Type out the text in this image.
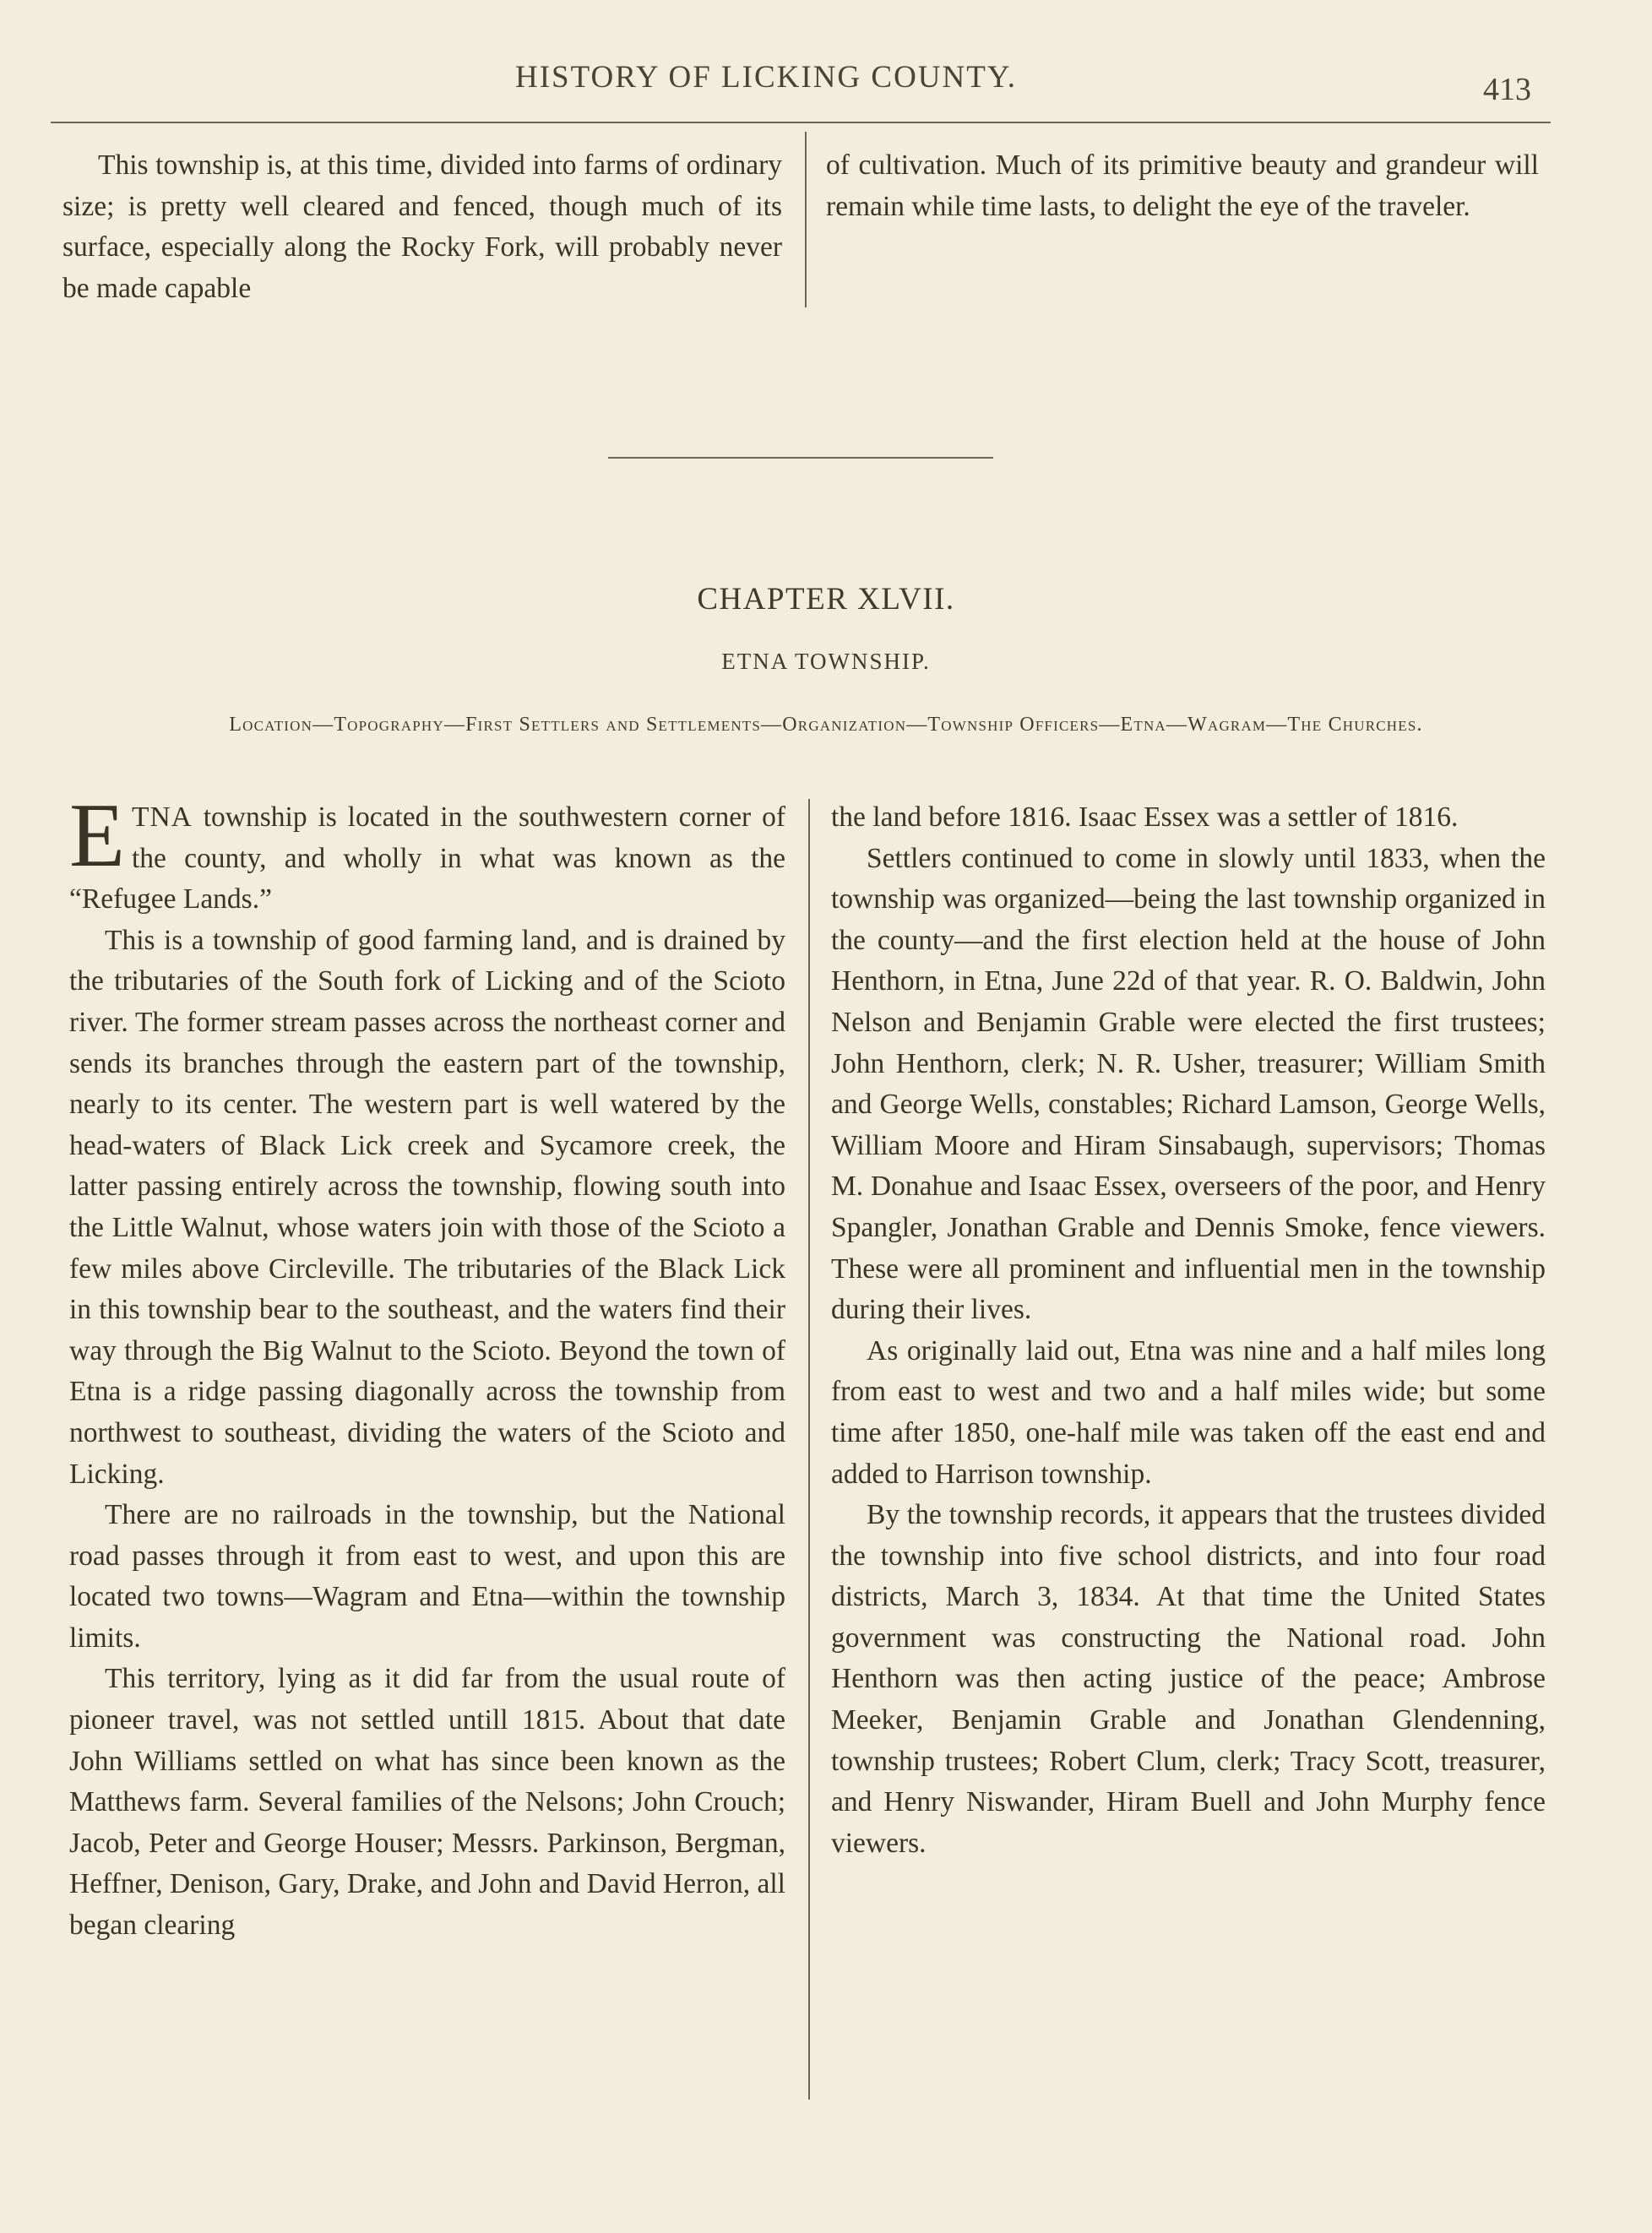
HISTORY OF LICKING COUNTY.	413

This township is, at this time, divided into farms of ordinary size; is pretty well cleared and fenced, though much of its surface, especially along the Rocky Fork, will probably never be made capable

of cultivation. Much of its primitive beauty and grandeur will remain while time lasts, to delight the eye of the traveler.

CHAPTER XLVII.
ETNA TOWNSHIP.
Location—Topography—First Settlers and Settlements—Organization—Township Officers—Etna—Wagram—The Churches.

ETNA township is located in the southwestern corner of the county, and wholly in what was known as the “Refugee Lands.”

This is a township of good farming land, and is drained by the tributaries of the South fork of Licking and of the Scioto river. The former stream passes across the northeast corner and sends its branches through the eastern part of the township, nearly to its center. The western part is well watered by the head-waters of Black Lick creek and Sycamore creek, the latter passing entirely across the township, flowing south into the Little Walnut, whose waters join with those of the Scioto a few miles above Circleville. The tributaries of the Black Lick in this township bear to the southeast, and the waters find their way through the Big Walnut to the Scioto. Beyond the town of Etna is a ridge passing diagonally across the township from northwest to southeast, dividing the waters of the Scioto and Licking.

There are no railroads in the township, but the National road passes through it from east to west, and upon this are located two towns—Wagram and Etna—within the township limits.

This territory, lying as it did far from the usual route of pioneer travel, was not settled untill 1815. About that date John Williams settled on what has since been known as the Matthews farm. Several families of the Nelsons; John Crouch; Jacob, Peter and George Houser; Messrs. Parkinson, Bergman, Heffner, Denison, Gary, Drake, and John and David Herron, all began clearing

the land before 1816. Isaac Essex was a settler of 1816.

Settlers continued to come in slowly until 1833, when the township was organized—being the last township organized in the county—and the first election held at the house of John Henthorn, in Etna, June 22d of that year. R. O. Baldwin, John Nelson and Benjamin Grable were elected the first trustees; John Henthorn, clerk; N. R. Usher, treasurer; William Smith and George Wells, constables; Richard Lamson, George Wells, William Moore and Hiram Sinsabaugh, supervisors; Thomas M. Donahue and Isaac Essex, overseers of the poor, and Henry Spangler, Jonathan Grable and Dennis Smoke, fence viewers. These were all prominent and influential men in the township during their lives.

As originally laid out, Etna was nine and a half miles long from east to west and two and a half miles wide; but some time after 1850, one-half mile was taken off the east end and added to Harrison township.

By the township records, it appears that the trustees divided the township into five school districts, and into four road districts, March 3, 1834. At that time the United States government was constructing the National road. John Henthorn was then acting justice of the peace; Ambrose Meeker, Benjamin Grable and Jonathan Glendenning, township trustees; Robert Clum, clerk; Tracy Scott, treasurer, and Henry Niswander, Hiram Buell and John Murphy fence viewers.
